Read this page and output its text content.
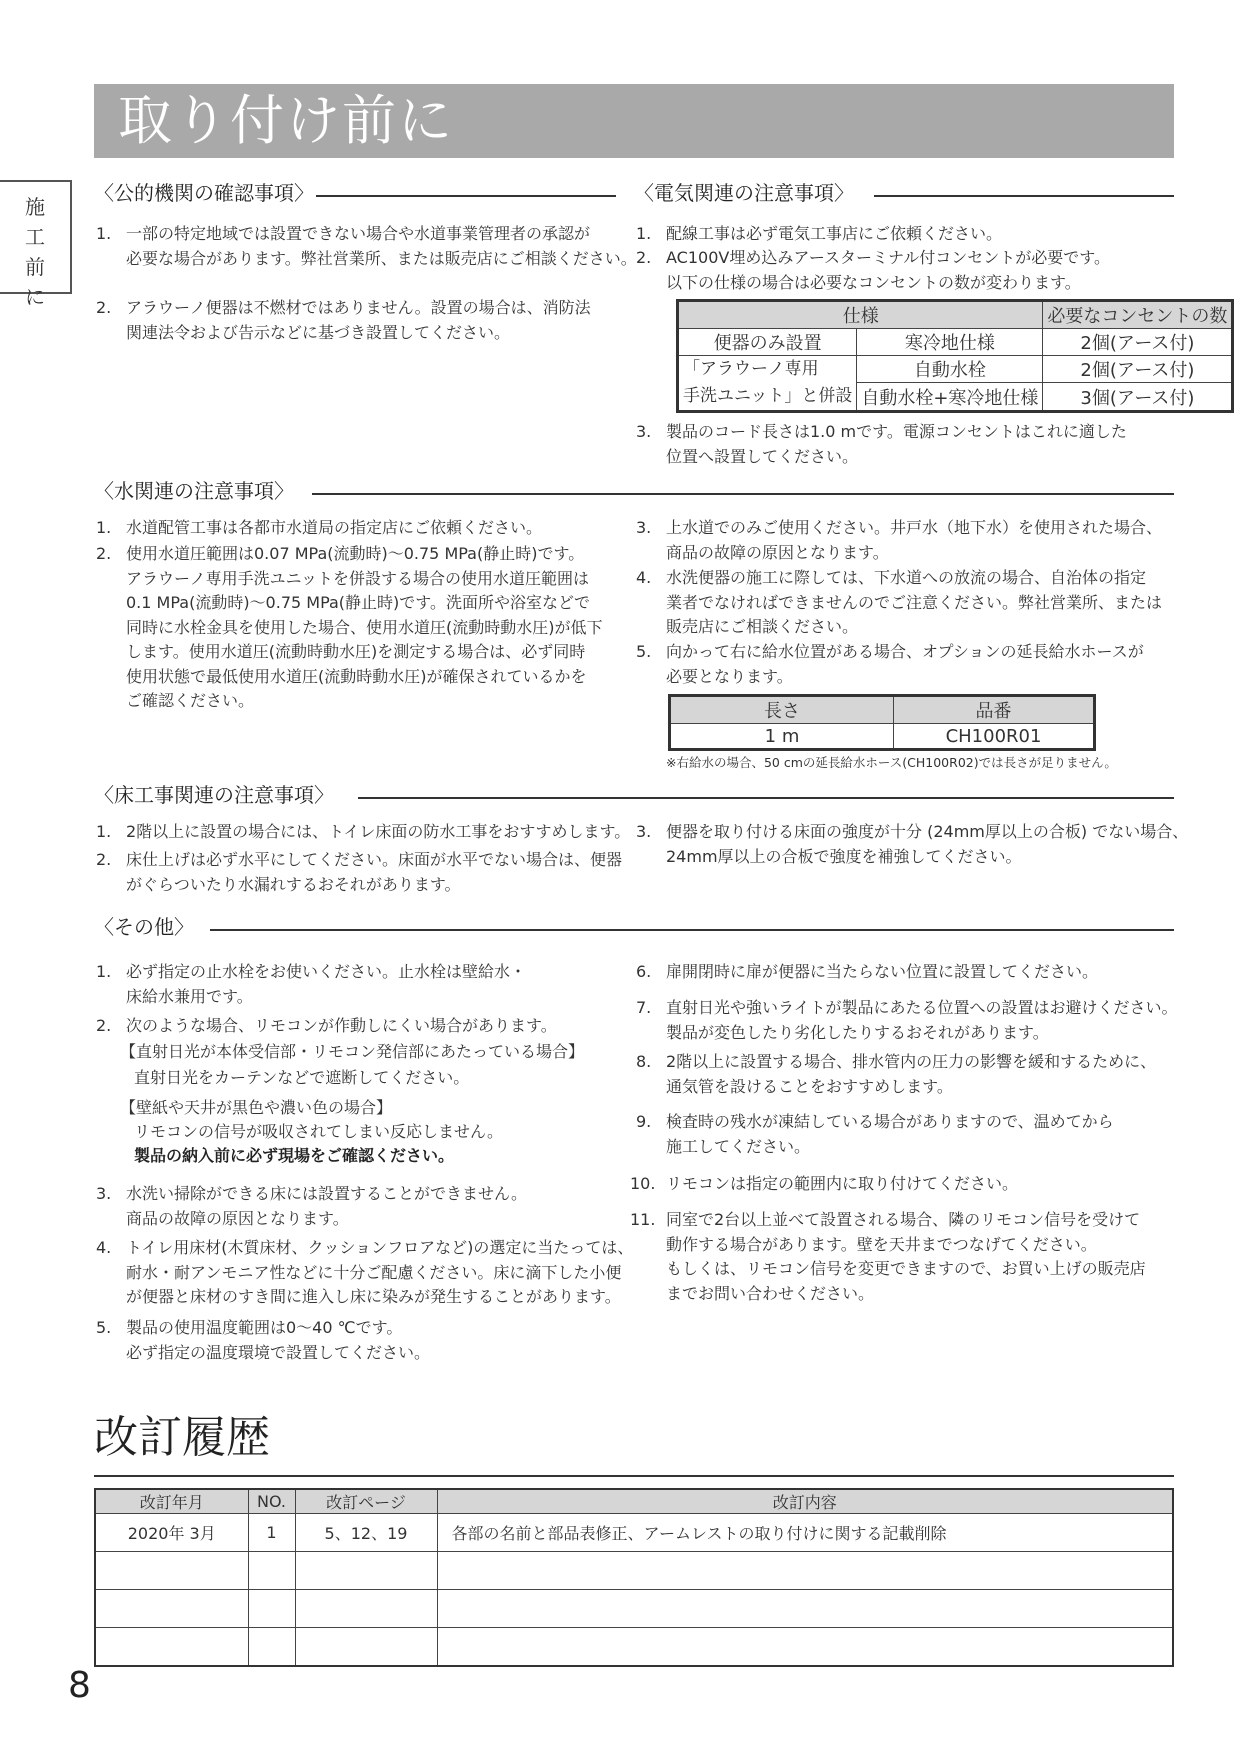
取り付け前に
施
工
前
に
〈公的機関の確認事項〉
1. 一部の特定地域では設置できない場合や水道事業管理者の承認が
必要な場合があります。弊社営業所、または販売店にご相談ください。
2. アラウーノ便器は不燃材ではありません。設置の場合は、消防法
関連法令および告示などに基づき設置してください。
〈電気関連の注意事項〉
1. 配線工事は必ず電気工事店にご依頼ください。
2. AC100V埋め込みアースターミナル付コンセントが必要です。
以下の仕様の場合は必要なコンセントの数が変わります。
仕様		必要なコンセントの数
便器のみ設置	寒冷地仕様	2個(アース付)

「アラウーノ専用
手洗ユニット」と併設	自動水栓	2個(アース付)
	自動水栓+寒冷地仕様	3個(アース付)
3. 製品のコード長さは1.0 mです。電源コンセントはこれに適した
位置へ設置してください。
〈水関連の注意事項〉
1. 水道配管工事は各都市水道局の指定店にご依頼ください。
2. 使用水道圧範囲は0.07 MPa(流動時)～0.75 MPa(静止時)です。
アラウーノ専用手洗ユニットを併設する場合の使用水道圧範囲は
0.1 MPa(流動時)～0.75 MPa(静止時)です。洗面所や浴室などで
同時に水栓金具を使用した場合、使用水道圧(流動時動水圧)が低下
します。使用水道圧(流動時動水圧)を測定する場合は、必ず同時
使用状態で最低使用水道圧(流動時動水圧)が確保されているかを
ご確認ください。
3. 上水道でのみご使用ください。井戸水（地下水）を使用された場合、
商品の故障の原因となります。
4. 水洗便器の施工に際しては、下水道への放流の場合、自治体の指定
業者でなければできませんのでご注意ください。弊社営業所、または
販売店にご相談ください。
5. 向かって右に給水位置がある場合、オプションの延長給水ホースが
必要となります。
長さ	品番
1 m	CH100R01
※右給水の場合、50 cmの延長給水ホース(CH100R02)では長さが足りません。
〈床工事関連の注意事項〉
1. 2階以上に設置の場合には、トイレ床面の防水工事をおすすめします。
2. 床仕上げは必ず水平にしてください。床面が水平でない場合は、便器
がぐらついたり水漏れするおそれがあります。
3. 便器を取り付ける床面の強度が十分 (24mm厚以上の合板) でない場合、
24mm厚以上の合板で強度を補強してください。
〈その他〉
1. 必ず指定の止水栓をお使いください。止水栓は壁給水・
床給水兼用です。
2. 次のような場合、リモコンが作動しにくい場合があります。
【直射日光が本体受信部・リモコン発信部にあたっている場合】
直射日光をカーテンなどで遮断してください。
【壁紙や天井が黒色や濃い色の場合】
リモコンの信号が吸収されてしまい反応しません。
製品の納入前に必ず現場をご確認ください。
3. 水洗い掃除ができる床には設置することができません。
商品の故障の原因となります。
4. トイレ用床材(木質床材、クッションフロアなど)の選定に当たっては、
耐水・耐アンモニア性などに十分ご配慮ください。床に滴下した小便
が便器と床材のすき間に進入し床に染みが発生することがあります。
5. 製品の使用温度範囲は0～40 ℃です。
必ず指定の温度環境で設置してください。
6. 扉開閉時に扉が便器に当たらない位置に設置してください。
7. 直射日光や強いライトが製品にあたる位置への設置はお避けください。
製品が変色したり劣化したりするおそれがあります。
8. 2階以上に設置する場合、排水管内の圧力の影響を緩和するために、
通気管を設けることをおすすめします。
9. 検査時の残水が凍結している場合がありますので、温めてから
施工してください。
10. リモコンは指定の範囲内に取り付けてください。
11. 同室で2台以上並べて設置される場合、隣のリモコン信号を受けて
動作する場合があります。壁を天井までつなげてください。
もしくは、リモコン信号を変更できますので、お買い上げの販売店
までお問い合わせください。
改訂履歴
改訂年月	NO.	改訂ページ	改訂内容
2020年 3月	1	5、12、19	各部の名前と部品表修正、アームレストの取り付けに関する記載削除

8
